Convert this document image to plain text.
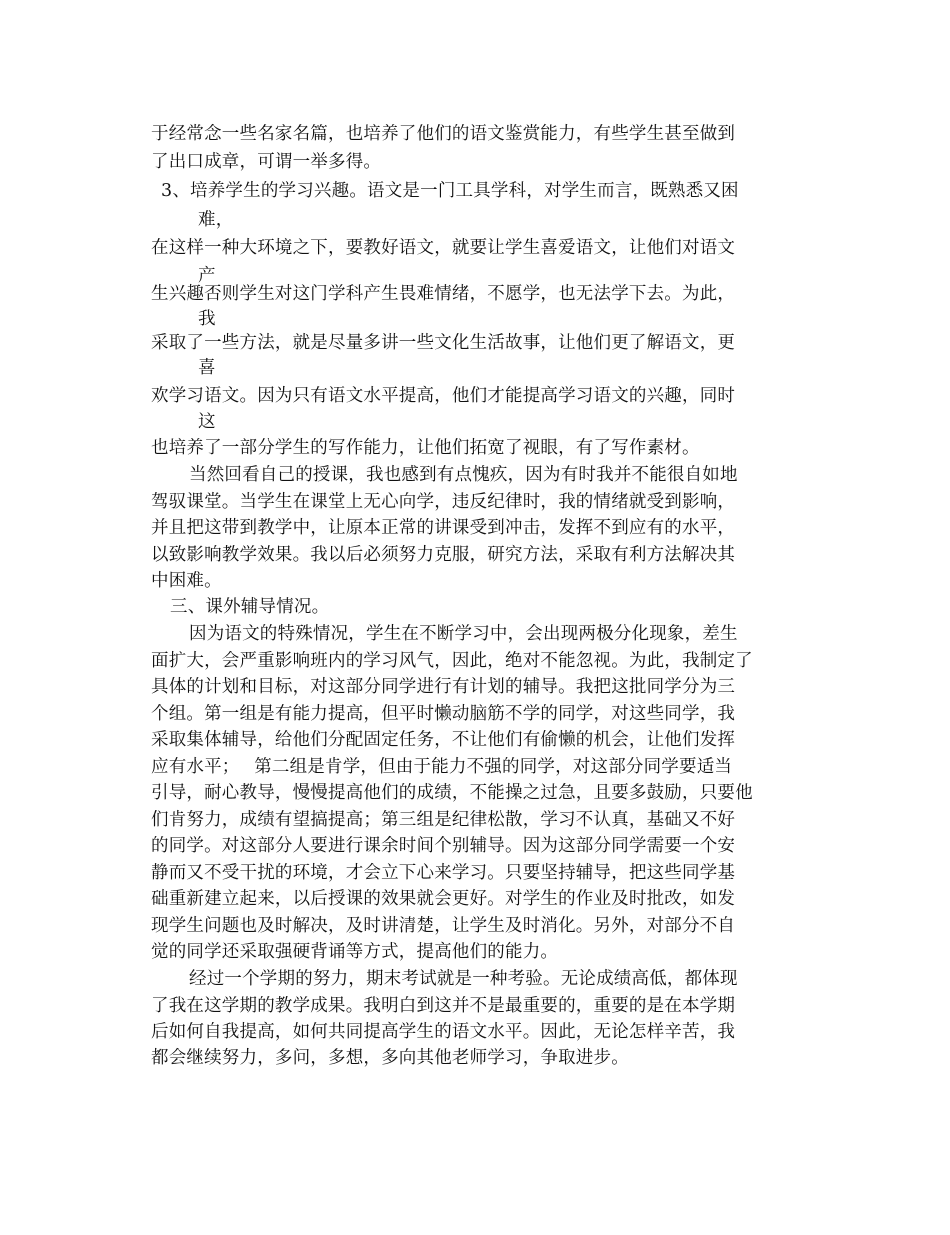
于经常念一些名家名篇，也培养了他们的语文鉴赏能力，有些学生甚至做到
了出口成章，可谓一举多得。
3、培养学生的学习兴趣。语文是一门工具学科，对学生而言，既熟悉又困
难，
在这样一种大环境之下，要教好语文，就要让学生喜爱语文，让他们对语文
产
生兴趣否则学生对这门学科产生畏难情绪，不愿学，也无法学下去。为此，
我
采取了一些方法，就是尽量多讲一些文化生活故事，让他们更了解语文，更
喜
欢学习语文。因为只有语文水平提高，他们才能提高学习语文的兴趣，同时
这
也培养了一部分学生的写作能力，让他们拓宽了视眼，有了写作素材。
当然回看自己的授课，我也感到有点愧疚，因为有时我并不能很自如地
驾驭课堂。当学生在课堂上无心向学，违反纪律时，我的情绪就受到影响，
并且把这带到教学中，让原本正常的讲课受到冲击，发挥不到应有的水平，
以致影响教学效果。我以后必须努力克服，研究方法，采取有利方法解决其
中困难。
三、课外辅导情况。
因为语文的特殊情况，学生在不断学习中，会出现两极分化现象，差生
面扩大，会严重影响班内的学习风气，因此，绝对不能忽视。为此，我制定了
具体的计划和目标，对这部分同学进行有计划的辅导。我把这批同学分为三
个组。第一组是有能力提高，但平时懒动脑筋不学的同学，对这些同学，我
采取集体辅导，给他们分配固定任务，不让他们有偷懒的机会，让他们发挥
应有水平；　 第二组是肯学，但由于能力不强的同学，对这部分同学要适当
引导，耐心教导，慢慢提高他们的成绩，不能操之过急，且要多鼓励，只要他
们肯努力，成绩有望搞提高；第三组是纪律松散，学习不认真，基础又不好
的同学。对这部分人要进行课余时间个别辅导。因为这部分同学需要一个安
静而又不受干扰的环境，才会立下心来学习。只要坚持辅导，把这些同学基
础重新建立起来，以后授课的效果就会更好。对学生的作业及时批改，如发
现学生问题也及时解决，及时讲清楚，让学生及时消化。另外，对部分不自
觉的同学还采取强硬背诵等方式，提高他们的能力。
经过一个学期的努力，期末考试就是一种考验。无论成绩高低，都体现
了我在这学期的教学成果。我明白到这并不是最重要的，重要的是在本学期
后如何自我提高，如何共同提高学生的语文水平。因此，无论怎样辛苦，我
都会继续努力，多问，多想，多向其他老师学习，争取进步。
